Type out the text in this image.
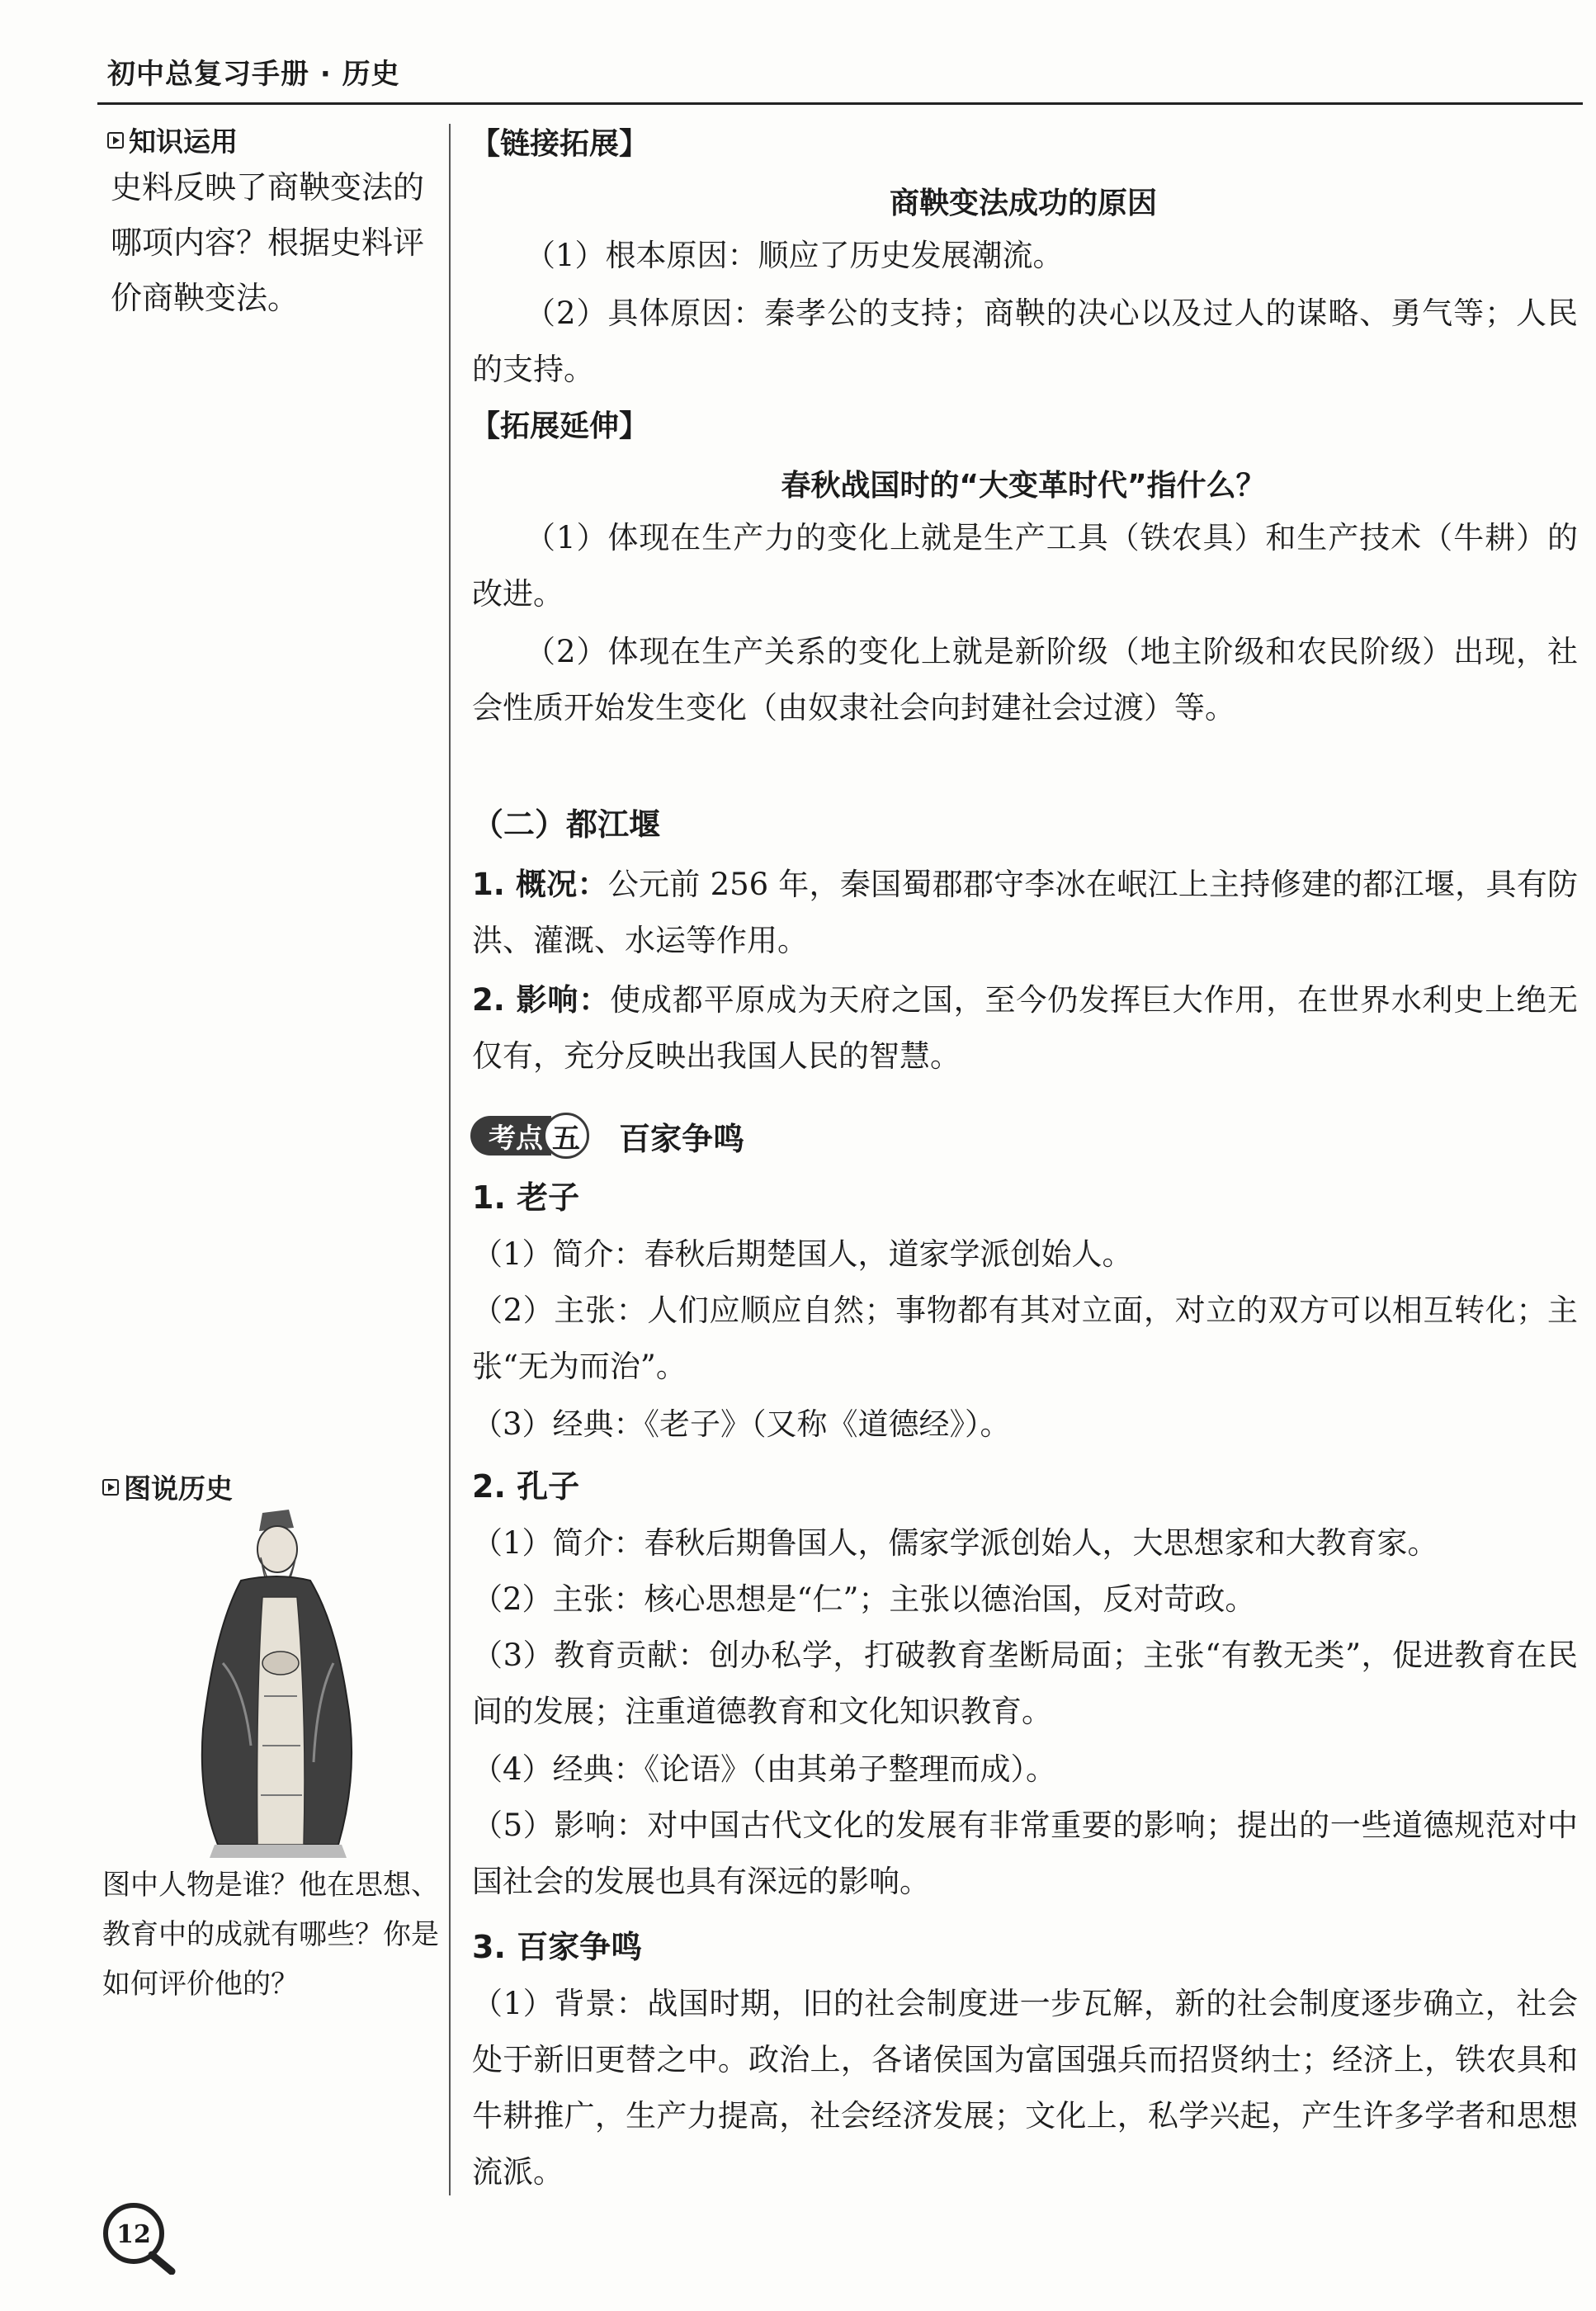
初中总复习手册 · 历史
知识运用
史料反映了商鞅变法的哪项内容？根据史料评价商鞅变法。
图说历史
图中人物是谁？他在思想、教育中的成就有哪些？你是如何评价他的？
【链接拓展】
商鞅变法成功的原因
（1）根本原因：顺应了历史发展潮流。
（2）具体原因：秦孝公的支持；商鞅的决心以及过人的谋略、勇气等；人民的支持。
【拓展延伸】
春秋战国时的“大变革时代”指什么？
（1）体现在生产力的变化上就是生产工具（铁农具）和生产技术（牛耕）的改进。
（2）体现在生产关系的变化上就是新阶级（地主阶级和农民阶级）出现，社会性质开始发生变化（由奴隶社会向封建社会过渡）等。
（二）都江堰
1. 概况：公元前 256 年，秦国蜀郡郡守李冰在岷江上主持修建的都江堰，具有防洪、灌溉、水运等作用。
2. 影响：使成都平原成为天府之国，至今仍发挥巨大作用，在世界水利史上绝无仅有，充分反映出我国人民的智慧。
考点 五 百家争鸣
1. 老子
（1）简介：春秋后期楚国人，道家学派创始人。
（2）主张：人们应顺应自然；事物都有其对立面，对立的双方可以相互转化；主张“无为而治”。
（3）经典：《老子》（又称《道德经》）。
2. 孔子
（1）简介：春秋后期鲁国人，儒家学派创始人，大思想家和大教育家。
（2）主张：核心思想是“仁”；主张以德治国，反对苛政。
（3）教育贡献：创办私学，打破教育垄断局面；主张“有教无类”，促进教育在民间的发展；注重道德教育和文化知识教育。
（4）经典：《论语》（由其弟子整理而成）。
（5）影响：对中国古代文化的发展有非常重要的影响；提出的一些道德规范对中国社会的发展也具有深远的影响。
3. 百家争鸣
（1）背景：战国时期，旧的社会制度进一步瓦解，新的社会制度逐步确立，社会处于新旧更替之中。政治上，各诸侯国为富国强兵而招贤纳士；经济上，铁农具和牛耕推广，生产力提高，社会经济发展；文化上，私学兴起，产生许多学者和思想流派。
12
